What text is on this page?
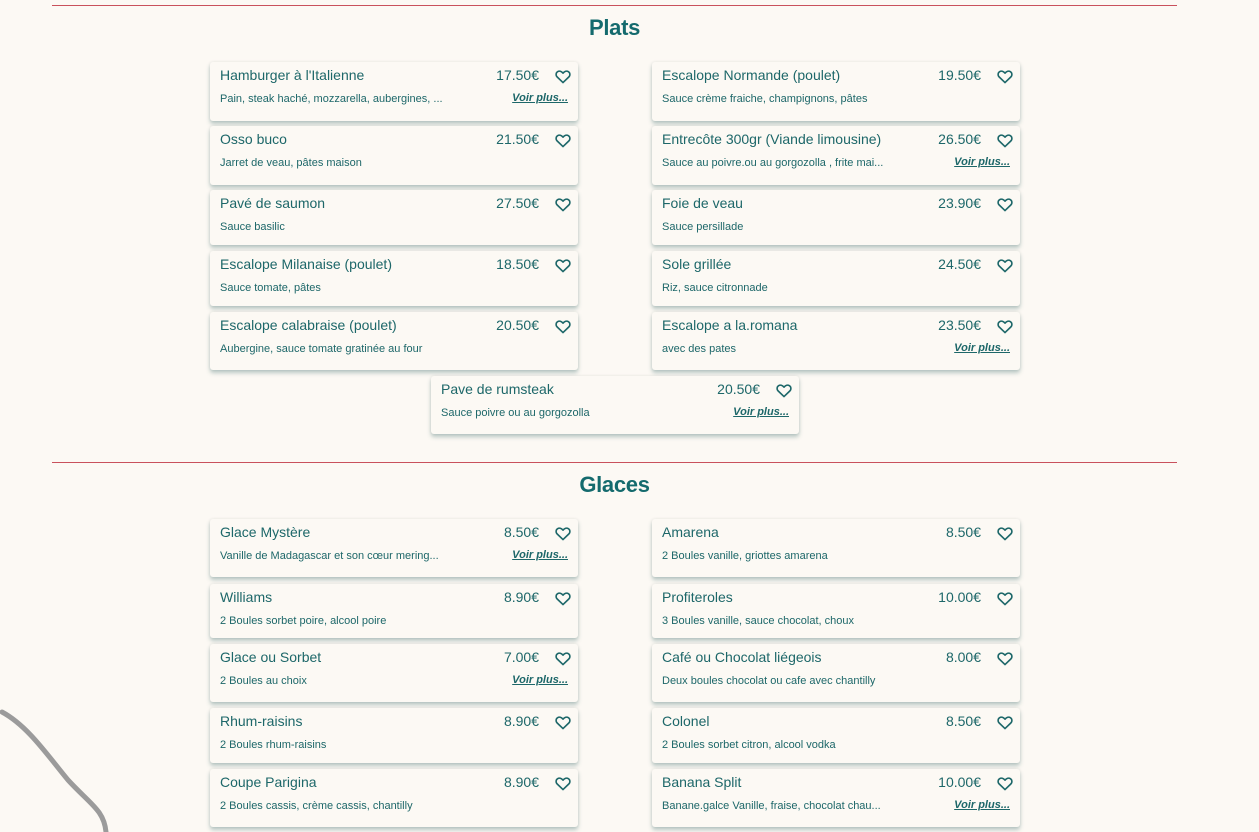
Plats
Hamburger à l'Italienne	17.50€
Pain, steak haché, mozzarella, aubergines, ...	Voir plus...
Escalope Normande (poulet)	19.50€
Sauce crème fraiche, champignons, pâtes
Osso buco	21.50€
Jarret de veau, pâtes maison
Entrecôte 300gr (Viande limousine)	26.50€
Sauce au poivre.ou au gorgozolla , frite mai...	Voir plus...
Pavé de saumon	27.50€
Sauce basilic
Foie de veau	23.90€
Sauce persillade
Escalope Milanaise (poulet)	18.50€
Sauce tomate, pâtes
Sole grillée	24.50€
Riz, sauce citronnade
Escalope calabraise (poulet)	20.50€
Aubergine, sauce tomate gratinée au four
Escalope a la.romana	23.50€
avec des pates	Voir plus...
Pave de rumsteak	20.50€
Sauce poivre ou au gorgozolla	Voir plus...
Glaces
Glace Mystère	8.50€
Vanille de Madagascar et son cœur mering...	Voir plus...
Amarena	8.50€
2 Boules vanille, griottes amarena
Williams	8.90€
2 Boules sorbet poire, alcool poire
Profiteroles	10.00€
3 Boules vanille, sauce chocolat, choux
Glace ou Sorbet	7.00€
2 Boules au choix	Voir plus...
Café ou Chocolat liégeois	8.00€
Deux boules chocolat ou cafe avec chantilly
Rhum-raisins	8.90€
2 Boules rhum-raisins
Colonel	8.50€
2 Boules sorbet citron, alcool vodka
Coupe Parigina	8.90€
2 Boules cassis, crème cassis, chantilly
Banana Split	10.00€
Banane.galce Vanille, fraise, chocolat chau...	Voir plus...
